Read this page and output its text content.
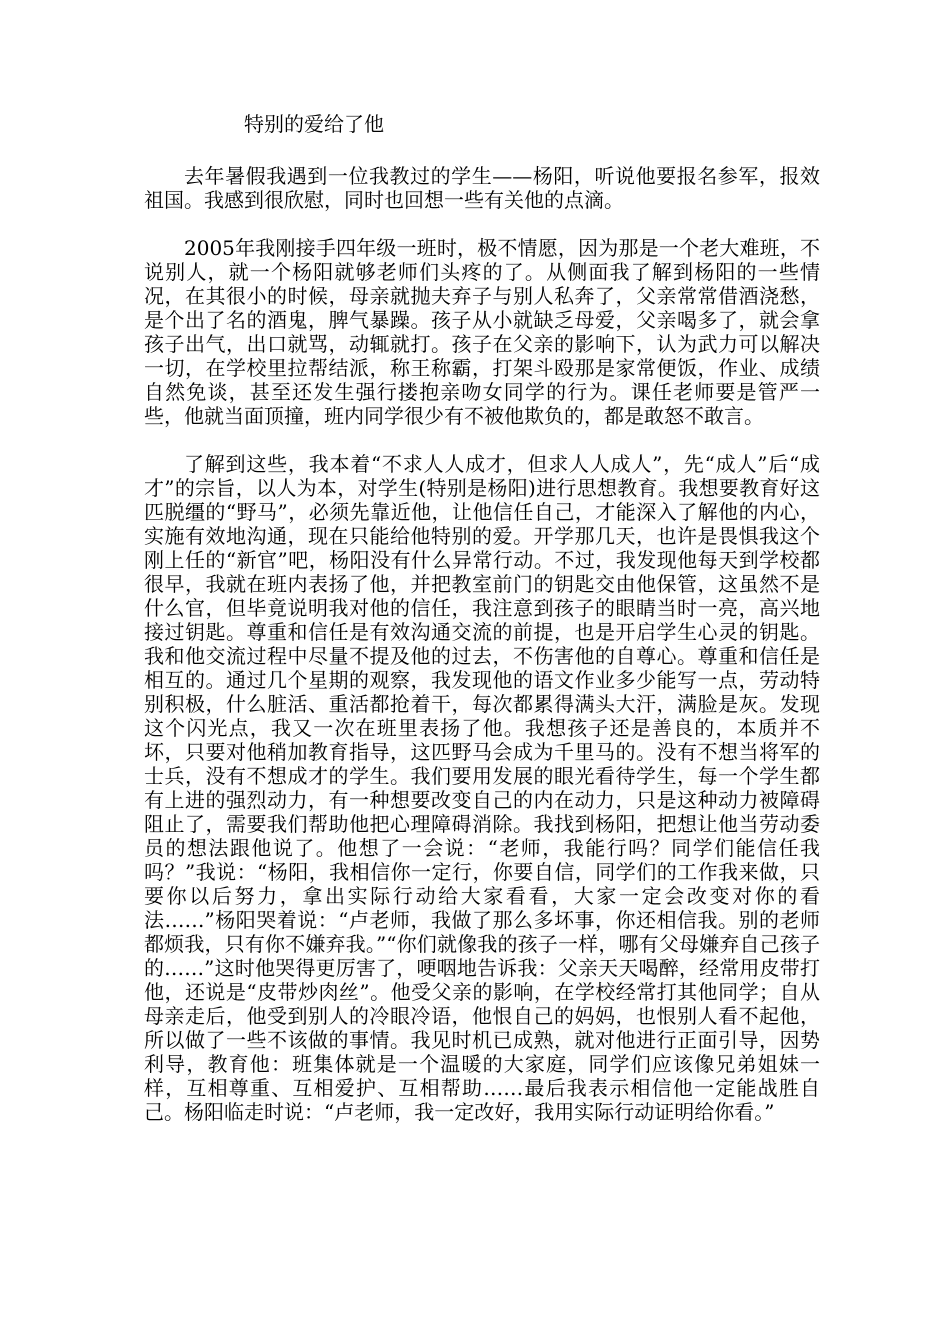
特别的爱给了他

去年暑假我遇到一位我教过的学生——杨阳，听说他要报名参军，报效祖国。我感到很欣慰，同时也回想一些有关他的点滴。

2005年我刚接手四年级一班时，极不情愿，因为那是一个老大难班，不说别人，就一个杨阳就够老师们头疼的了。从侧面我了解到杨阳的一些情况，在其很小的时候，母亲就抛夫弃子与别人私奔了，父亲常常借酒浇愁，是个出了名的酒鬼，脾气暴躁。孩子从小就缺乏母爱，父亲喝多了，就会拿孩子出气，出口就骂，动辄就打。孩子在父亲的影响下，认为武力可以解决一切，在学校里拉帮结派，称王称霸，打架斗殴那是家常便饭，作业、成绩自然免谈，甚至还发生强行搂抱亲吻女同学的行为。课任老师要是管严一些，他就当面顶撞，班内同学很少有不被他欺负的，都是敢怒不敢言。

了解到这些，我本着“不求人人成才，但求人人成人”，先“成人”后“成才”的宗旨，以人为本，对学生(特别是杨阳)进行思想教育。我想要教育好这匹脱缰的“野马”，必须先靠近他，让他信任自己，才能深入了解他的内心，实施有效地沟通，现在只能给他特别的爱。开学那几天，也许是畏惧我这个刚上任的“新官”吧，杨阳没有什么异常行动。不过，我发现他每天到学校都很早，我就在班内表扬了他，并把教室前门的钥匙交由他保管，这虽然不是什么官，但毕竟说明我对他的信任，我注意到孩子的眼睛当时一亮，高兴地接过钥匙。尊重和信任是有效沟通交流的前提，也是开启学生心灵的钥匙。我和他交流过程中尽量不提及他的过去，不伤害他的自尊心。尊重和信任是相互的。通过几个星期的观察，我发现他的语文作业多少能写一点，劳动特别积极，什么脏活、重活都抢着干，每次都累得满头大汗，满脸是灰。发现这个闪光点，我又一次在班里表扬了他。我想孩子还是善良的，本质并不坏，只要对他稍加教育指导，这匹野马会成为千里马的。没有不想当将军的士兵，没有不想成才的学生。我们要用发展的眼光看待学生，每一个学生都有上进的强烈动力，有一种想要改变自己的内在动力，只是这种动力被障碍阻止了，需要我们帮助他把心理障碍消除。我找到杨阳，把想让他当劳动委员的想法跟他说了。他想了一会说：“老师，我能行吗？同学们能信任我吗？”我说：“杨阳，我相信你一定行，你要自信，同学们的工作我来做，只要你以后努力，拿出实际行动给大家看看，大家一定会改变对你的看法……”杨阳哭着说：“卢老师，我做了那么多坏事，你还相信我。别的老师都烦我，只有你不嫌弃我。”“你们就像我的孩子一样，哪有父母嫌弃自己孩子的……”这时他哭得更厉害了，哽咽地告诉我：父亲天天喝醉，经常用皮带打他，还说是“皮带炒肉丝”。他受父亲的影响，在学校经常打其他同学；自从母亲走后，他受到别人的冷眼冷语，他恨自己的妈妈，也恨别人看不起他，所以做了一些不该做的事情。我见时机已成熟，就对他进行正面引导，因势利导，教育他：班集体就是一个温暖的大家庭，同学们应该像兄弟姐妹一样，互相尊重、互相爱护、互相帮助……最后我表示相信他一定能战胜自己。杨阳临走时说：“卢老师，我一定改好，我用实际行动证明给你看。”
